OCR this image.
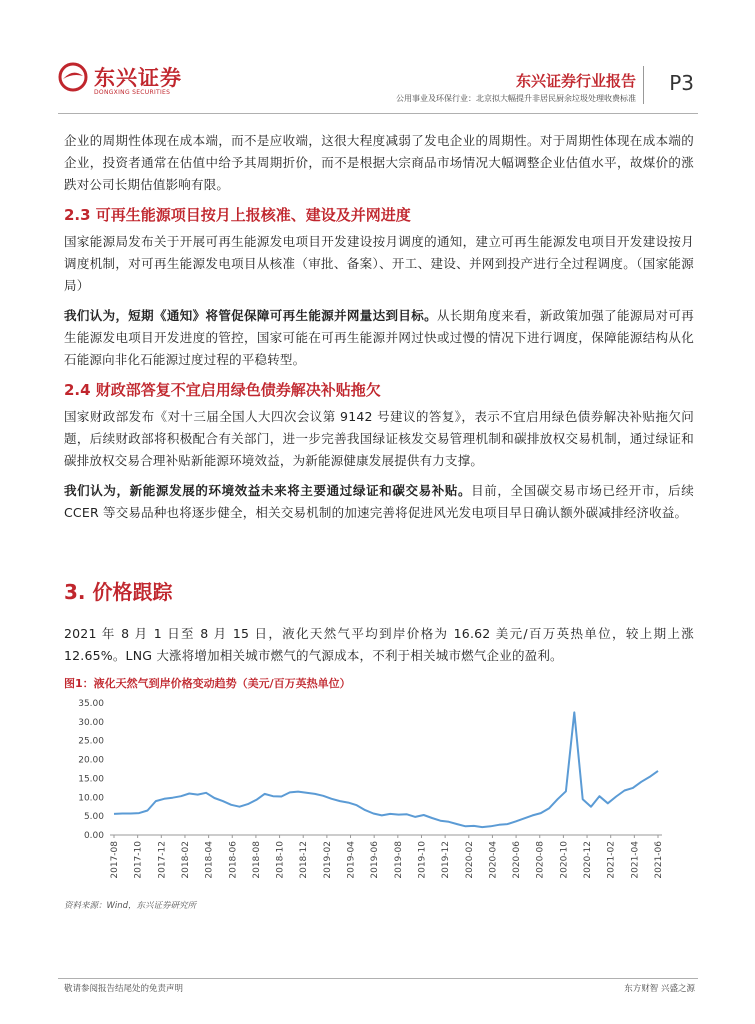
东兴证券
DONGXING SECURITIES
东兴证券行业报告
公用事业及环保行业：北京拟大幅提升非居民厨余垃圾处理收费标准
P3

企业的周期性体现在成本端，而不是应收端，这很大程度减弱了发电企业的周期性。对于周期性体现在成本端的企业，投资者通常在估值中给予其周期折价，而不是根据大宗商品市场情况大幅调整企业估值水平，故煤价的涨跌对公司长期估值影响有限。

2.3 可再生能源项目按月上报核准、建设及并网进度

国家能源局发布关于开展可再生能源发电项目开发建设按月调度的通知，建立可再生能源发电项目开发建设按月调度机制，对可再生能源发电项目从核准（审批、备案）、开工、建设、并网到投产进行全过程调度。（国家能源局）

我们认为，短期《通知》将管促保障可再生能源并网量达到目标。从长期角度来看，新政策加强了能源局对可再生能源发电项目开发进度的管控，国家可能在可再生能源并网过快或过慢的情况下进行调度，保障能源结构从化石能源向非化石能源过度过程的平稳转型。

2.4 财政部答复不宜启用绿色债券解决补贴拖欠

国家财政部发布《对十三届全国人大四次会议第 9142 号建议的答复》，表示不宜启用绿色债券解决补贴拖欠问题，后续财政部将积极配合有关部门，进一步完善我国绿证核发交易管理机制和碳排放权交易机制，通过绿证和碳排放权交易合理补贴新能源环境效益，为新能源健康发展提供有力支撑。

我们认为，新能源发展的环境效益未来将主要通过绿证和碳交易补贴。目前，全国碳交易市场已经开市，后续 CCER 等交易品种也将逐步健全，相关交易机制的加速完善将促进风光发电项目早日确认额外碳减排经济收益。

3. 价格跟踪

2021 年 8 月 1 日至 8 月 15 日，液化天然气平均到岸价格为 16.62 美元/百万英热单位，较上期上涨 12.65%。LNG 大涨将增加相关城市燃气的气源成本，不利于相关城市燃气企业的盈利。

图1：液化天然气到岸价格变动趋势（美元/百万英热单位）
0.00
5.00
10.00
15.00
20.00
25.00
30.00
35.00
2017-08 2017-10 2017-12 2018-02 2018-04 2018-06 2018-08 2018-10 2018-12 2019-02 2019-04 2019-06 2019-08 2019-10 2019-12 2020-02 2020-04 2020-06 2020-08 2020-10 2020-12 2021-02 2021-04 2021-06
资料来源：Wind，东兴证券研究所
敬请参阅报告结尾处的免责声明	东方财智 兴盛之源
